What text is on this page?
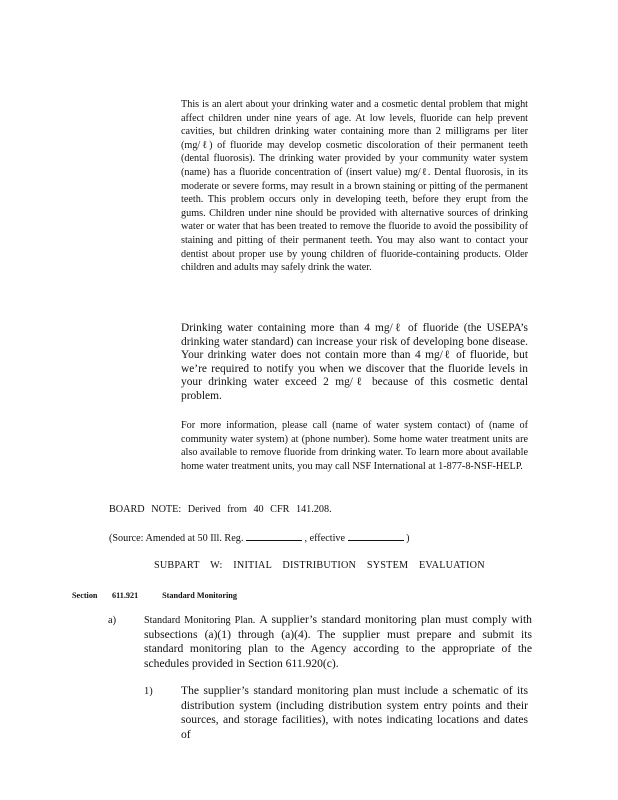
This is an alert about your drinking water and a cosmetic dental problem that might affect children under nine years of age. At low levels, fluoride can help prevent cavities, but children drinking water containing more than 2 milligrams per liter (mg/ℓ) of fluoride may develop cosmetic discoloration of their permanent teeth (dental fluorosis). The drinking water provided by your community water system (name) has a fluoride concentration of (insert value) mg/ℓ. Dental fluorosis, in its moderate or severe forms, may result in a brown staining or pitting of the permanent teeth. This problem occurs only in developing teeth, before they erupt from the gums. Children under nine should be provided with alternative sources of drinking water or water that has been treated to remove the fluoride to avoid the possibility of staining and pitting of their permanent teeth. You may also want to contact your dentist about proper use by young children of fluoride-containing products. Older children and adults may safely drink the water.
Drinking water containing more than 4 mg/ℓ of fluoride (the USEPA’s drinking water standard) can increase your risk of developing bone disease. Your drinking water does not contain more than 4 mg/ℓ of fluoride, but we’re required to notify you when we discover that the fluoride levels in your drinking water exceed 2 mg/ℓ because of this cosmetic dental problem.
For more information, please call (name of water system contact) of (name of community water system) at (phone number). Some home water treatment units are also available to remove fluoride from drinking water. To learn more about available home water treatment units, you may call NSF International at 1-877-8-NSF-HELP.
BOARD NOTE: Derived from 40 CFR 141.208.
(Source: Amended at 50 Ill. Reg.	, effective	)
SUBPART W: INITIAL DISTRIBUTION SYSTEM EVALUATION
Section 611.921	Standard Monitoring
a)	Standard Monitoring Plan. A supplier’s standard monitoring plan must comply with subsections (a)(1) through (a)(4). The supplier must prepare and submit its standard monitoring plan to the Agency according to the appropriate of the schedules provided in Section 611.920(c).
1) The supplier’s standard monitoring plan must include a schematic of its distribution system (including distribution system entry points and their sources, and storage facilities), with notes indicating locations and dates of
